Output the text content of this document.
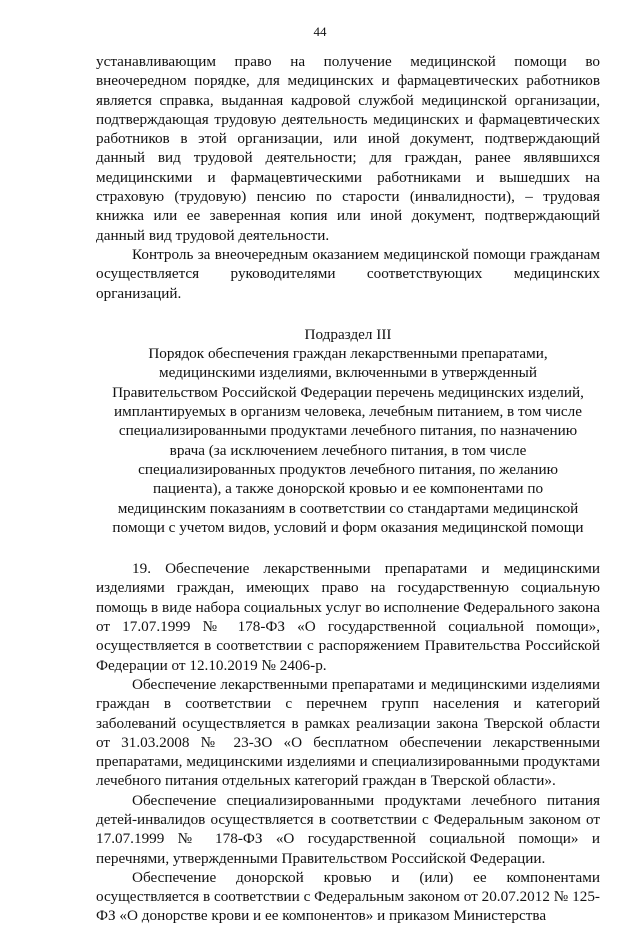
44

устанавливающим право на получение медицинской помощи во внеочередном порядке, для медицинских и фармацевтических работников является справка, выданная кадровой службой медицинской организации, подтверждающая трудовую деятельность медицинских и фармацевтических работников в этой организации, или иной документ, подтверждающий данный вид трудовой деятельности; для граждан, ранее являвшихся медицинскими и фармацевтическими работниками и вышедших на страховую (трудовую) пенсию по старости (инвалидности), – трудовая книжка или ее заверенная копия или иной документ, подтверждающий данный вид трудовой деятельности.

Контроль за внеочередным оказанием медицинской помощи гражданам осуществляется руководителями соответствующих медицинских организаций.

Подраздел III

Порядок обеспечения граждан лекарственными препаратами, медицинскими изделиями, включенными в утвержденный Правительством Российской Федерации перечень медицинских изделий, имплантируемых в организм человека, лечебным питанием, в том числе специализированными продуктами лечебного питания, по назначению врача (за исключением лечебного питания, в том числе специализированных продуктов лечебного питания, по желанию пациента), а также донорской кровью и ее компонентами по медицинским показаниям в соответствии со стандартами медицинской помощи с учетом видов, условий и форм оказания медицинской помощи

19. Обеспечение лекарственными препаратами и медицинскими изделиями граждан, имеющих право на государственную социальную помощь в виде набора социальных услуг во исполнение Федерального закона от 17.07.1999 № 178-ФЗ «О государственной социальной помощи», осуществляется в соответствии с распоряжением Правительства Российской Федерации от 12.10.2019 № 2406-р.

Обеспечение лекарственными препаратами и медицинскими изделиями граждан в соответствии с перечнем групп населения и категорий заболеваний осуществляется в рамках реализации закона Тверской области от 31.03.2008 № 23-ЗО «О бесплатном обеспечении лекарственными препаратами, медицинскими изделиями и специализированными продуктами лечебного питания отдельных категорий граждан в Тверской области».

Обеспечение специализированными продуктами лечебного питания детей-инвалидов осуществляется в соответствии с Федеральным законом от 17.07.1999 № 178-ФЗ «О государственной социальной помощи» и перечнями, утвержденными Правительством Российской Федерации.

Обеспечение донорской кровью и (или) ее компонентами осуществляется в соответствии с Федеральным законом от 20.07.2012 № 125-ФЗ «О донорстве крови и ее компонентов» и приказом Министерства
